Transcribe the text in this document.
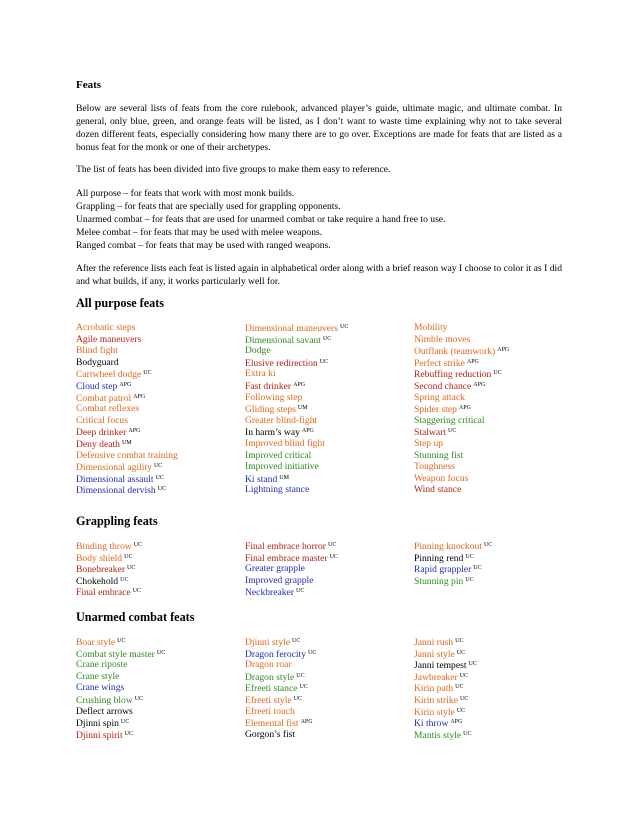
Feats
Below are several lists of feats from the core rulebook, advanced player’s guide, ultimate magic, and ultimate combat. In general, only blue, green, and orange feats will be listed, as I don’t want to waste time explaining why not to take several dozen different feats, especially considering how many there are to go over. Exceptions are made for feats that are listed as a bonus feat for the monk or one of their archetypes.
The list of feats has been divided into five groups to make them easy to reference.
All purpose – for feats that work with most monk builds.
Grappling – for feats that are specially used for grappling opponents.
Unarmed combat – for feats that are used for unarmed combat or take require a hand free to use.
Melee combat – for feats that may be used with melee weapons.
Ranged combat – for feats that may be used with ranged weapons.
After the reference lists each feat is listed again in alphabetical order along with a brief reason way I choose to color it as I did and what builds, if any, it works particularly well for.
All purpose feats
Acrobatic steps
Agile maneuvers
Blind fight
Bodyguard
Cartwheel dodge $^{UC}$
Cloud step $^{APG}$
Combat patrol $^{APG}$
Combat reflexes
Critical focus
Deep drinker $^{APG}$
Deny death $^{UM}$
Defensive combat training
Dimensional agility $^{UC}$
Dimensional assault $^{UC}$
Dimensional dervish $^{UC}$
Dimensional maneuvers $^{UC}$
Dimensional savant $^{UC}$
Dodge
Elusive redirection $^{UC}$
Extra ki
Fast drinker $^{APG}$
Following step
Gliding steps $^{UM}$
Greater blind-fight
In harm’s way $^{APG}$
Improved blind fight
Improved critical
Improved initiative
Ki stand $^{UM}$
Lightning stance
Mobility
Nimble moves
Outflank (teamwork) $^{APG}$
Perfect strike $^{APG}$
Rebuffing reduction $^{UC}$
Second chance $^{APG}$
Spring attack
Spider step $^{APG}$
Staggering critical
Stalwart $^{UC}$
Step up
Stunning fist
Toughness
Weapon focus
Wind stance
Grappling feats
Binding throw $^{UC}$
Body shield $^{UC}$
Bonebreaker $^{UC}$
Chokehold $^{UC}$
Final embrace $^{UC}$
Final embrace horror $^{UC}$
Final embrace master $^{UC}$
Greater grapple
Improved grapple
Neckbreaker $^{UC}$
Pinning knockout $^{UC}$
Pinning rend $^{UC}$
Rapid grappler $^{UC}$
Stunning pin $^{UC}$
Unarmed combat feats
Boar style $^{UC}$
Combat style master $^{UC}$
Crane riposte
Crane style
Crane wings
Crushing blow $^{UC}$
Deflect arrows
Djinni spin $^{UC}$
Djinni spirit $^{UC}$
Djinni style $^{UC}$
Dragon ferocity $^{UC}$
Dragon roar
Dragon style $^{UC}$
Efreeti stance $^{UC}$
Efreeti style $^{UC}$
Efreeti touch
Elemental fist $^{APG}$
Gorgon’s fist
Janni rush $^{UC}$
Janni style $^{UC}$
Janni tempest $^{UC}$
Jawbreaker $^{UC}$
Kirin path $^{UC}$
Kirin strike $^{UC}$
Kirin style $^{UC}$
Ki throw $^{APG}$
Mantis style $^{UC}$
